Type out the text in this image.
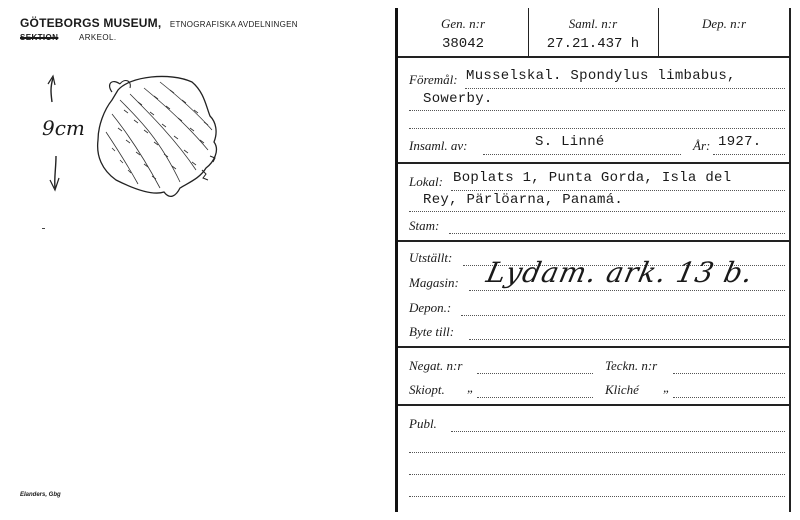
GÖTEBORGS MUSEUM, ETNOGRAFISKA AVDELNINGEN
SEKTION	ARKEOL.
9cm
Elanders, Gbg
Gen. n:r
38042
Saml. n:r
27.21.437 h
Dep. n:r
Föremål: Musselskal. Spondylus limbabus,
Sowerby.
Insaml. av:	S. Linné	År: 1927.
Lokal: Boplats 1, Punta Gorda, Isla del
Rey, Pärlöarna, Panamá.
Stam:
Utställt:
Magasin: Lydam. ark. 13 b.
Depon.:
Byte till:
Negat. n:r	Teckn. n:r
Skiopt. „	Kliché „
Publ.
